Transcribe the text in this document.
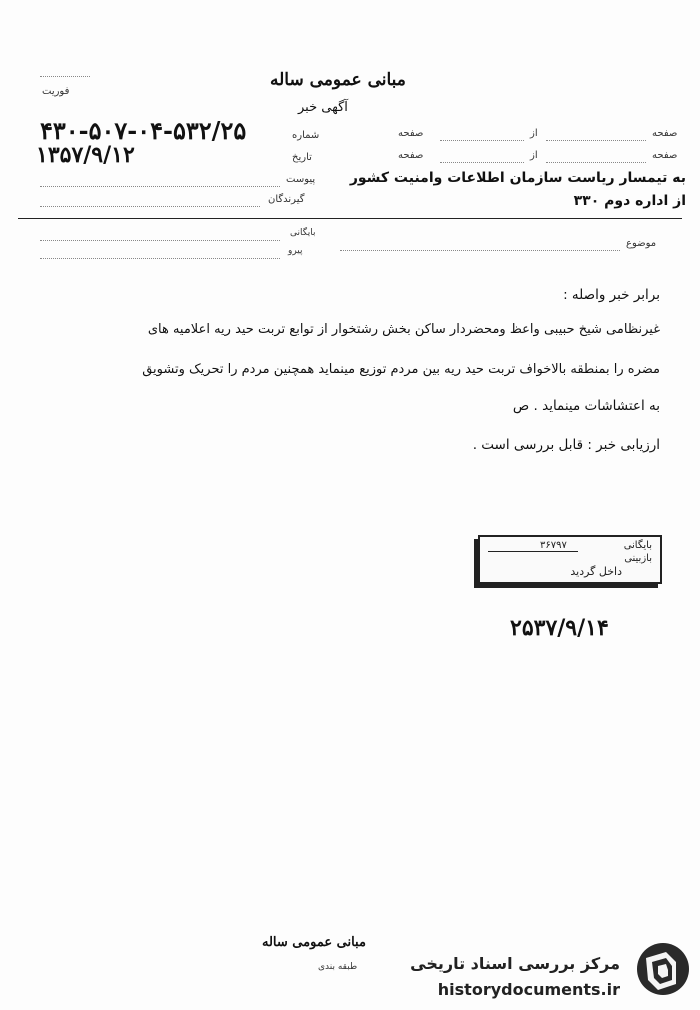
فوریت
مبانی عمومی ساله
آگهی خبر
شماره
۴۳۰-۵۰۷-۰۴-۵۳۲/۲۵
تاریخ
۱۳۵۷/۹/۱۲
پیوست
گیرندگان
صفحه
از
صفحه
صفحه
از
صفحه
به تیمسار ریاست سازمان اطلاعات وامنیت کشور
از اداره دوم ۳۳۰
بایگانی
پیرو
موضوع
برابر خبر واصله :
غیرنظامی شیخ حبیبی واعظ ومحضردار ساکن بخش رشتخوار از توابع تربت حید ریه اعلامیه های
مضره را بمنطقه بالاخواف تربت حید ریه بین مردم توزیع مینماید همچنین مردم را تحریک وتشویق
به اعتشاشات مینماید . ص
ارزیابی خبر : قابل بررسی است .
بایگانی
۳۶۷۹۷
بازبینی
داخل گردید
۲۵۳۷/۹/۱۴
مبانی عمومی ساله
طبقه بندی	مرکز بررسی اسناد تاریخی
historydocuments.ir
